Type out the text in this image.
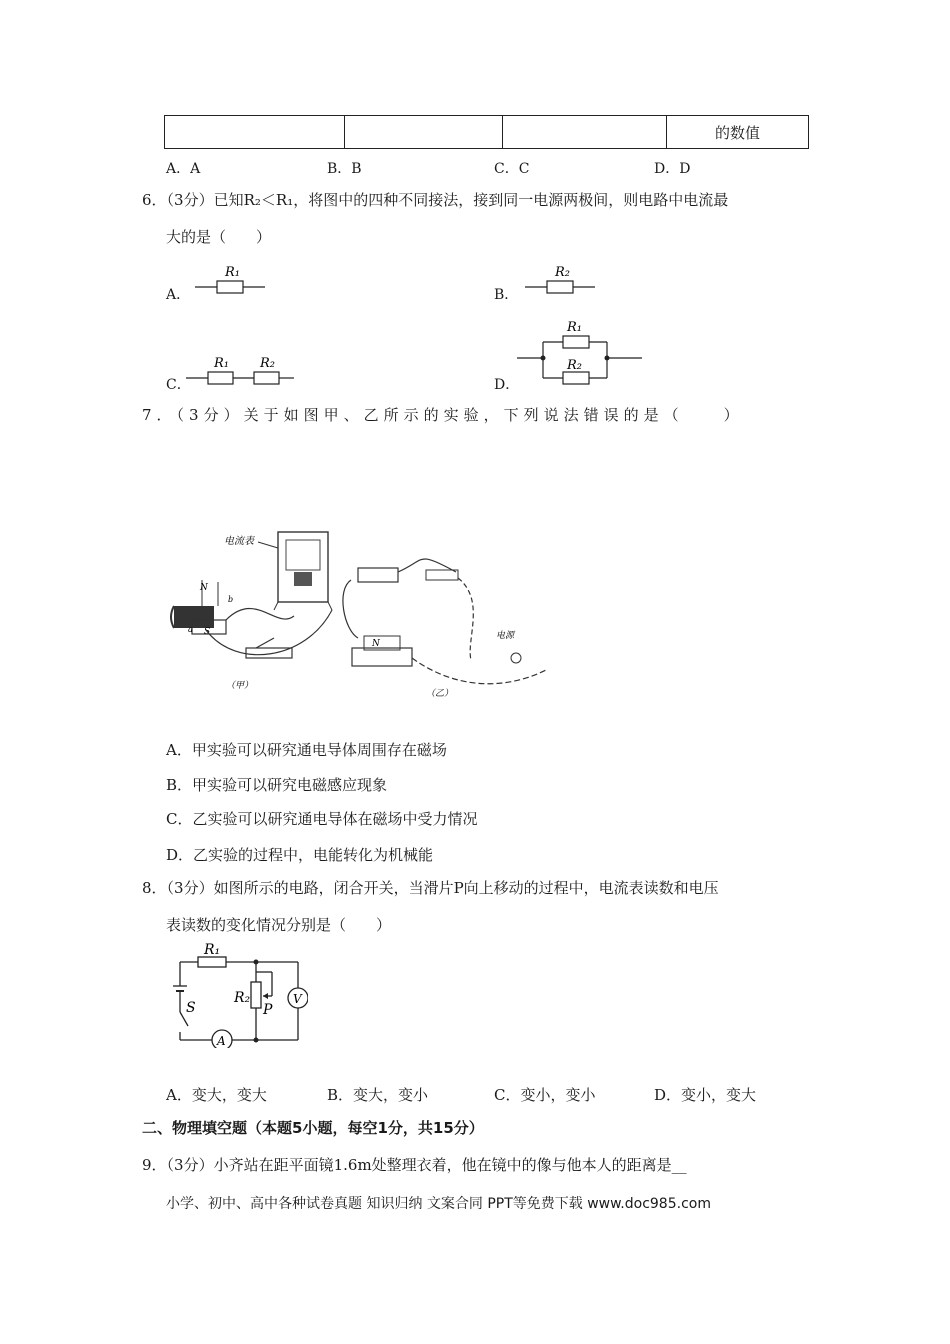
			的数值
A．A	B．B	C．C	D．D
6．（3分）已知R₂＜R₁，将图中的四种不同接法，接到同一电源两极间，则电路中电流最
大的是（　　）
A．	B．
C．	D．
R₁	R₂
R₁ R₂
R₁
R₂
7．（3分）关于如图甲、乙所示的实验，下列说法错误的是（　　）
电流表
N
S
a
b
（甲）
N
电源
（乙）
A．甲实验可以研究通电导体周围存在磁场
B．甲实验可以研究电磁感应现象
C．乙实验可以研究通电导体在磁场中受力情况
D．乙实验的过程中，电能转化为机械能
8．（3分）如图所示的电路，闭合开关，当滑片P向上移动的过程中，电流表读数和电压
表读数的变化情况分别是（　　）
R₁
S
A
R₂
P
V
A．变大，变大	B．变大，变小	C．变小，变小	D．变小，变大
二、物理填空题（本题5小题，每空1分，共15分）
9．（3分）小齐站在距平面镜1.6m处整理衣着，他在镜中的像与他本人的距离是__
小学、初中、高中各种试卷真题 知识归纳 文案合同 PPT等免费下载 www.doc985.com
